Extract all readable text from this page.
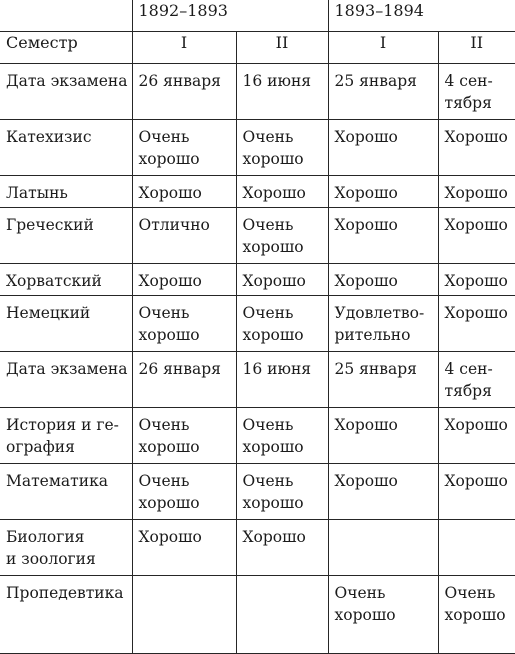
	1892–1893		1893–1894	
Семестр	I	II	I	II

Дата экзамена	26 января	16 июня	25 января	4 сен-
тября

Катехизис	Очень
хорошо	Очень
хорошо	Хорошо	Хорошо

Латынь	Хорошо	Хорошо	Хорошо	Хорошо

Греческий	Отлично	Очень
хорошо	Хорошо	Хорошо

Хорватский	Хорошо	Хорошо	Хорошо	Хорошо

Немецкий	Очень
хорошо	Очень
хорошо	Удовлетво-
рительно	Хорошо

Дата экзамена	26 января	16 июня	25 января	4 сен-
тября

История и ге-
ография	Очень
хорошо	Очень
хорошо	Хорошо	Хорошо

Математика	Очень
хорошо	Очень
хорошо	Хорошо	Хорошо

Биология
и зоология	Хорошо	Хорошо		

Пропедевтика			Очень
хорошо	Очень
хорошо
